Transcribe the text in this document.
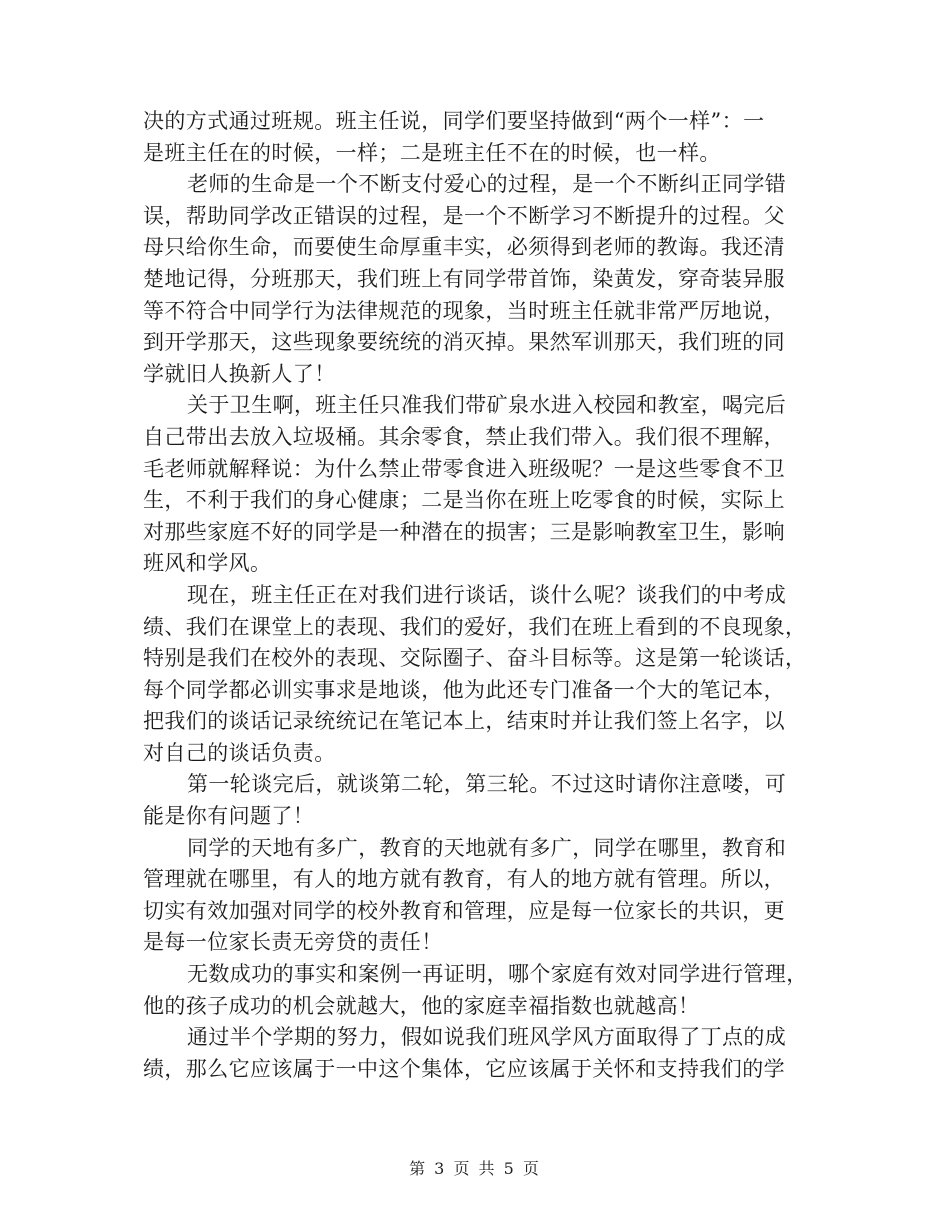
决的方式通过班规。班主任说，同学们要坚持做到“两个一样”：一
是班主任在的时候，一样；二是班主任不在的时候，也一样。
老师的生命是一个不断支付爱心的过程，是一个不断纠正同学错
误，帮助同学改正错误的过程，是一个不断学习不断提升的过程。父
母只给你生命，而要使生命厚重丰实，必须得到老师的教诲。我还清
楚地记得，分班那天，我们班上有同学带首饰，染黄发，穿奇装异服
等不符合中同学行为法律规范的现象，当时班主任就非常严厉地说，
到开学那天，这些现象要统统的消灭掉。果然军训那天，我们班的同
学就旧人换新人了！
关于卫生啊，班主任只准我们带矿泉水进入校园和教室，喝完后
自己带出去放入垃圾桶。其余零食，禁止我们带入。我们很不理解，
毛老师就解释说：为什么禁止带零食进入班级呢？一是这些零食不卫
生，不利于我们的身心健康；二是当你在班上吃零食的时候，实际上
对那些家庭不好的同学是一种潜在的损害；三是影响教室卫生，影响
班风和学风。
现在，班主任正在对我们进行谈话，谈什么呢？谈我们的中考成
绩、我们在课堂上的表现、我们的爱好，我们在班上看到的不良现象，
特别是我们在校外的表现、交际圈子、奋斗目标等。这是第一轮谈话，
每个同学都必训实事求是地谈，他为此还专门准备一个大的笔记本，
把我们的谈话记录统统记在笔记本上，结束时并让我们签上名字，以
对自己的谈话负责。
第一轮谈完后，就谈第二轮，第三轮。不过这时请你注意喽，可
能是你有问题了！
同学的天地有多广，教育的天地就有多广，同学在哪里，教育和
管理就在哪里，有人的地方就有教育，有人的地方就有管理。所以，
切实有效加强对同学的校外教育和管理，应是每一位家长的共识，更
是每一位家长责无旁贷的责任！
无数成功的事实和案例一再证明，哪个家庭有效对同学进行管理，
他的孩子成功的机会就越大，他的家庭幸福指数也就越高！
通过半个学期的努力，假如说我们班风学风方面取得了丁点的成
绩，那么它应该属于一中这个集体，它应该属于关怀和支持我们的学
第 3 页 共 5 页
